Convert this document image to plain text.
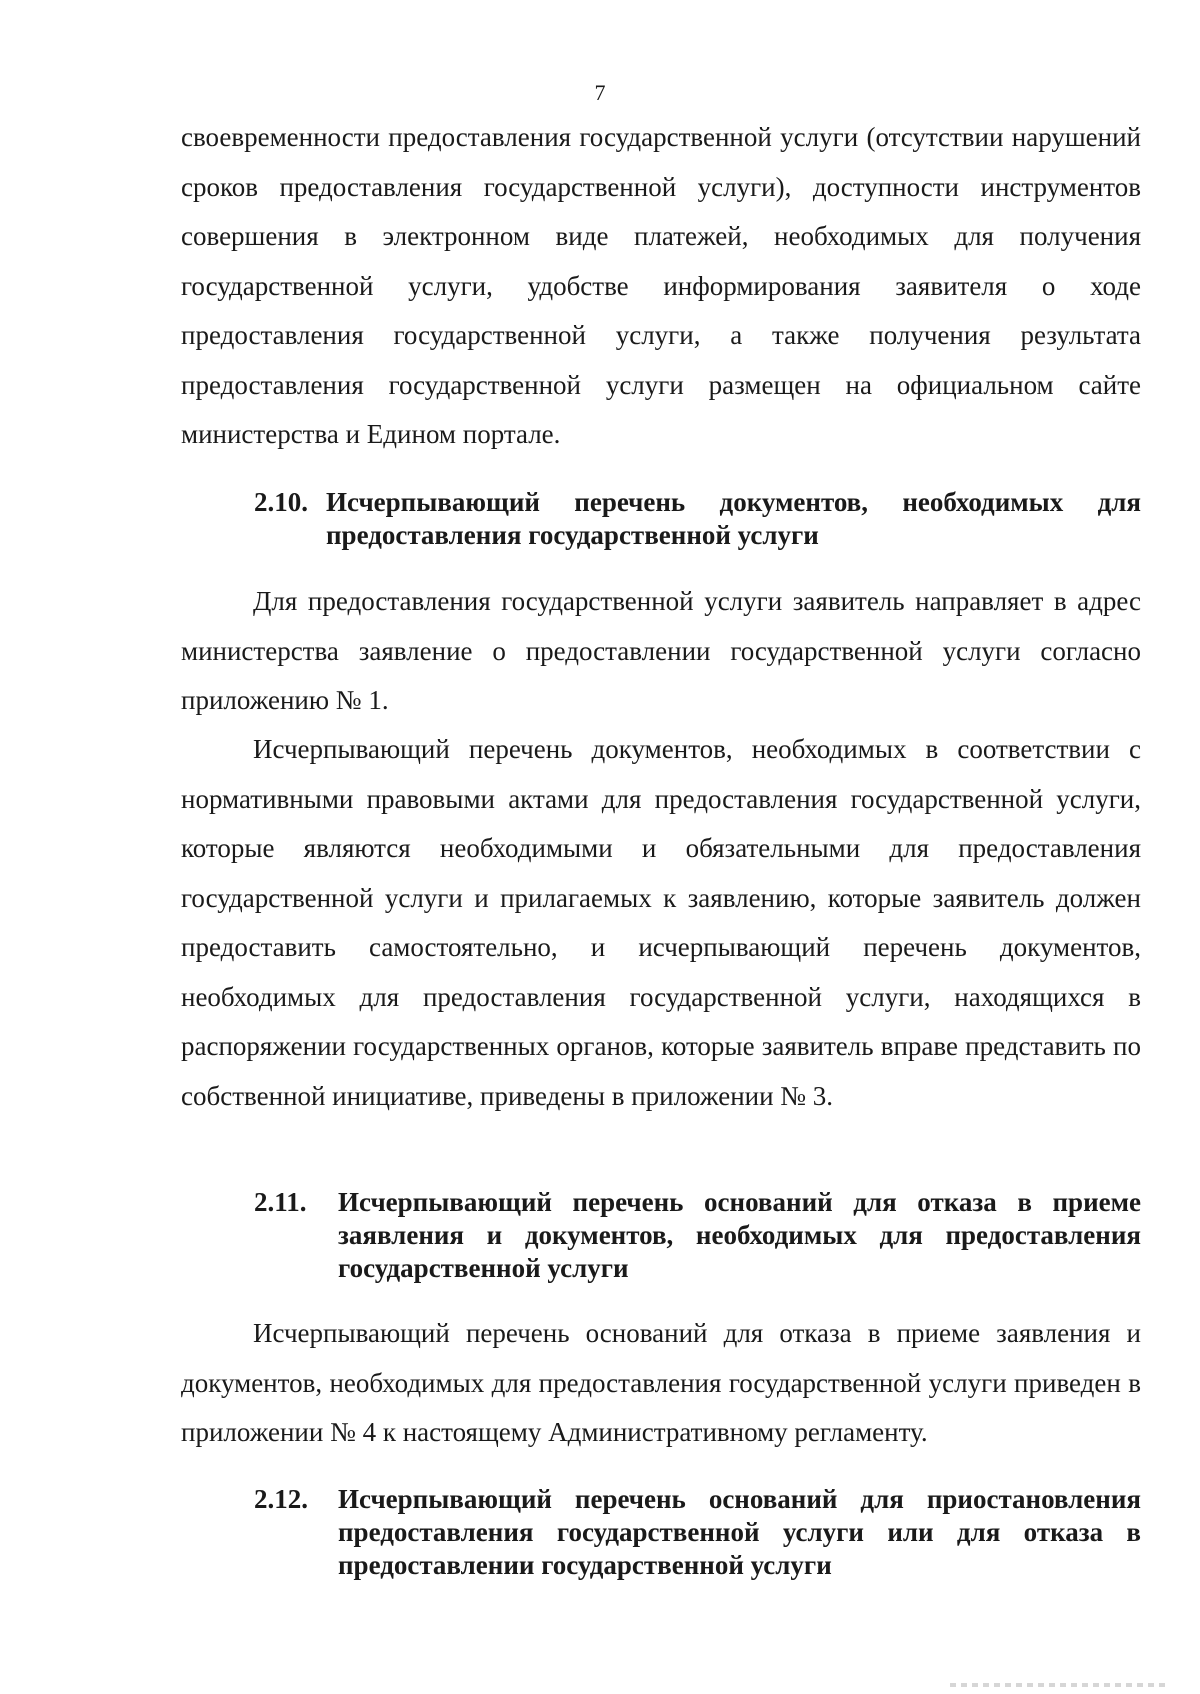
7

своевременности предоставления государственной услуги (отсутствии нарушений сроков предоставления государственной услуги), доступности инструментов совершения в электронном виде платежей, необходимых для получения государственной услуги, удобстве информирования заявителя о ходе предоставления государственной услуги, а также получения результата предоставления государственной услуги размещен на официальном сайте министерства и Едином портале.

2.10. Исчерпывающий перечень документов, необходимых для предоставления государственной услуги

Для предоставления государственной услуги заявитель направляет в адрес министерства заявление о предоставлении государственной услуги согласно приложению № 1.

Исчерпывающий перечень документов, необходимых в соответствии с нормативными правовыми актами для предоставления государственной услуги, которые являются необходимыми и обязательными для предоставления государственной услуги и прилагаемых к заявлению, которые заявитель должен предоставить самостоятельно, и исчерпывающий перечень документов, необходимых для предоставления государственной услуги, находящихся в распоряжении государственных органов, которые заявитель вправе представить по собственной инициативе, приведены в приложении № 3.

2.11.	Исчерпывающий перечень оснований для отказа в приеме заявления и документов, необходимых для предоставления государственной услуги

Исчерпывающий перечень оснований для отказа в приеме заявления и документов, необходимых для предоставления государственной услуги приведен в приложении № 4 к настоящему Административному регламенту.

2.12.	Исчерпывающий перечень оснований для приостановления предоставления государственной услуги или для отказа в предоставлении государственной услуги
